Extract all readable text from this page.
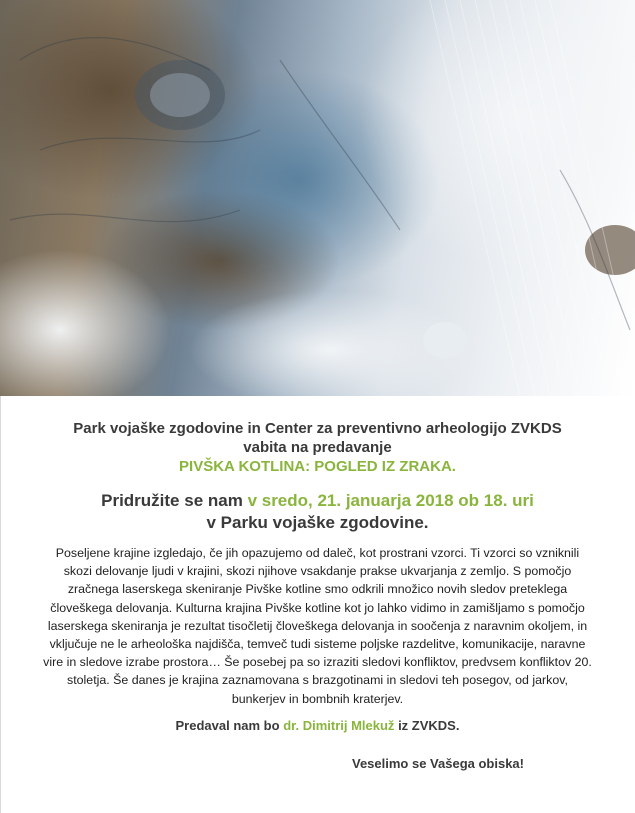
Park vojaške zgodovine in Center za preventivno arheologijo ZVKDS
vabita na predavanje
PIVŠKA KOTLINA: POGLED IZ ZRAKA.
Pridružite se nam v sredo, 21. januarja 2018 ob 18. uri
v Parku vojaške zgodovine.
Poseljene krajine izgledajo, če jih opazujemo od daleč, kot prostrani vzorci. Ti vzorci so vzniknili skozi delovanje ljudi v krajini, skozi njihove vsakdanje prakse ukvarjanja z zemljo. S pomočjo zračnega laserskega skeniranje Pivške kotline smo odkrili množico novih sledov preteklega človeškega delovanja. Kulturna krajina Pivške kotline kot jo lahko vidimo in zamišljamo s pomočjo laserskega skeniranja je rezultat tisočletij človeškega delovanja in soočenja z naravnim okoljem, in vključuje ne le arheološka najdišča, temveč tudi sisteme poljske razdelitve, komunikacije, naravne vire in sledove izrabe prostora… Še posebej pa so izraziti sledovi konfliktov, predvsem konfliktov 20. stoletja. Še danes je krajina zaznamovana s brazgotinami in sledovi teh posegov, od jarkov, bunkerjev in bombnih kraterjev.
Predaval nam bo dr. Dimitrij Mlekuž iz ZVKDS.
Veselimo se Vašega obiska!
